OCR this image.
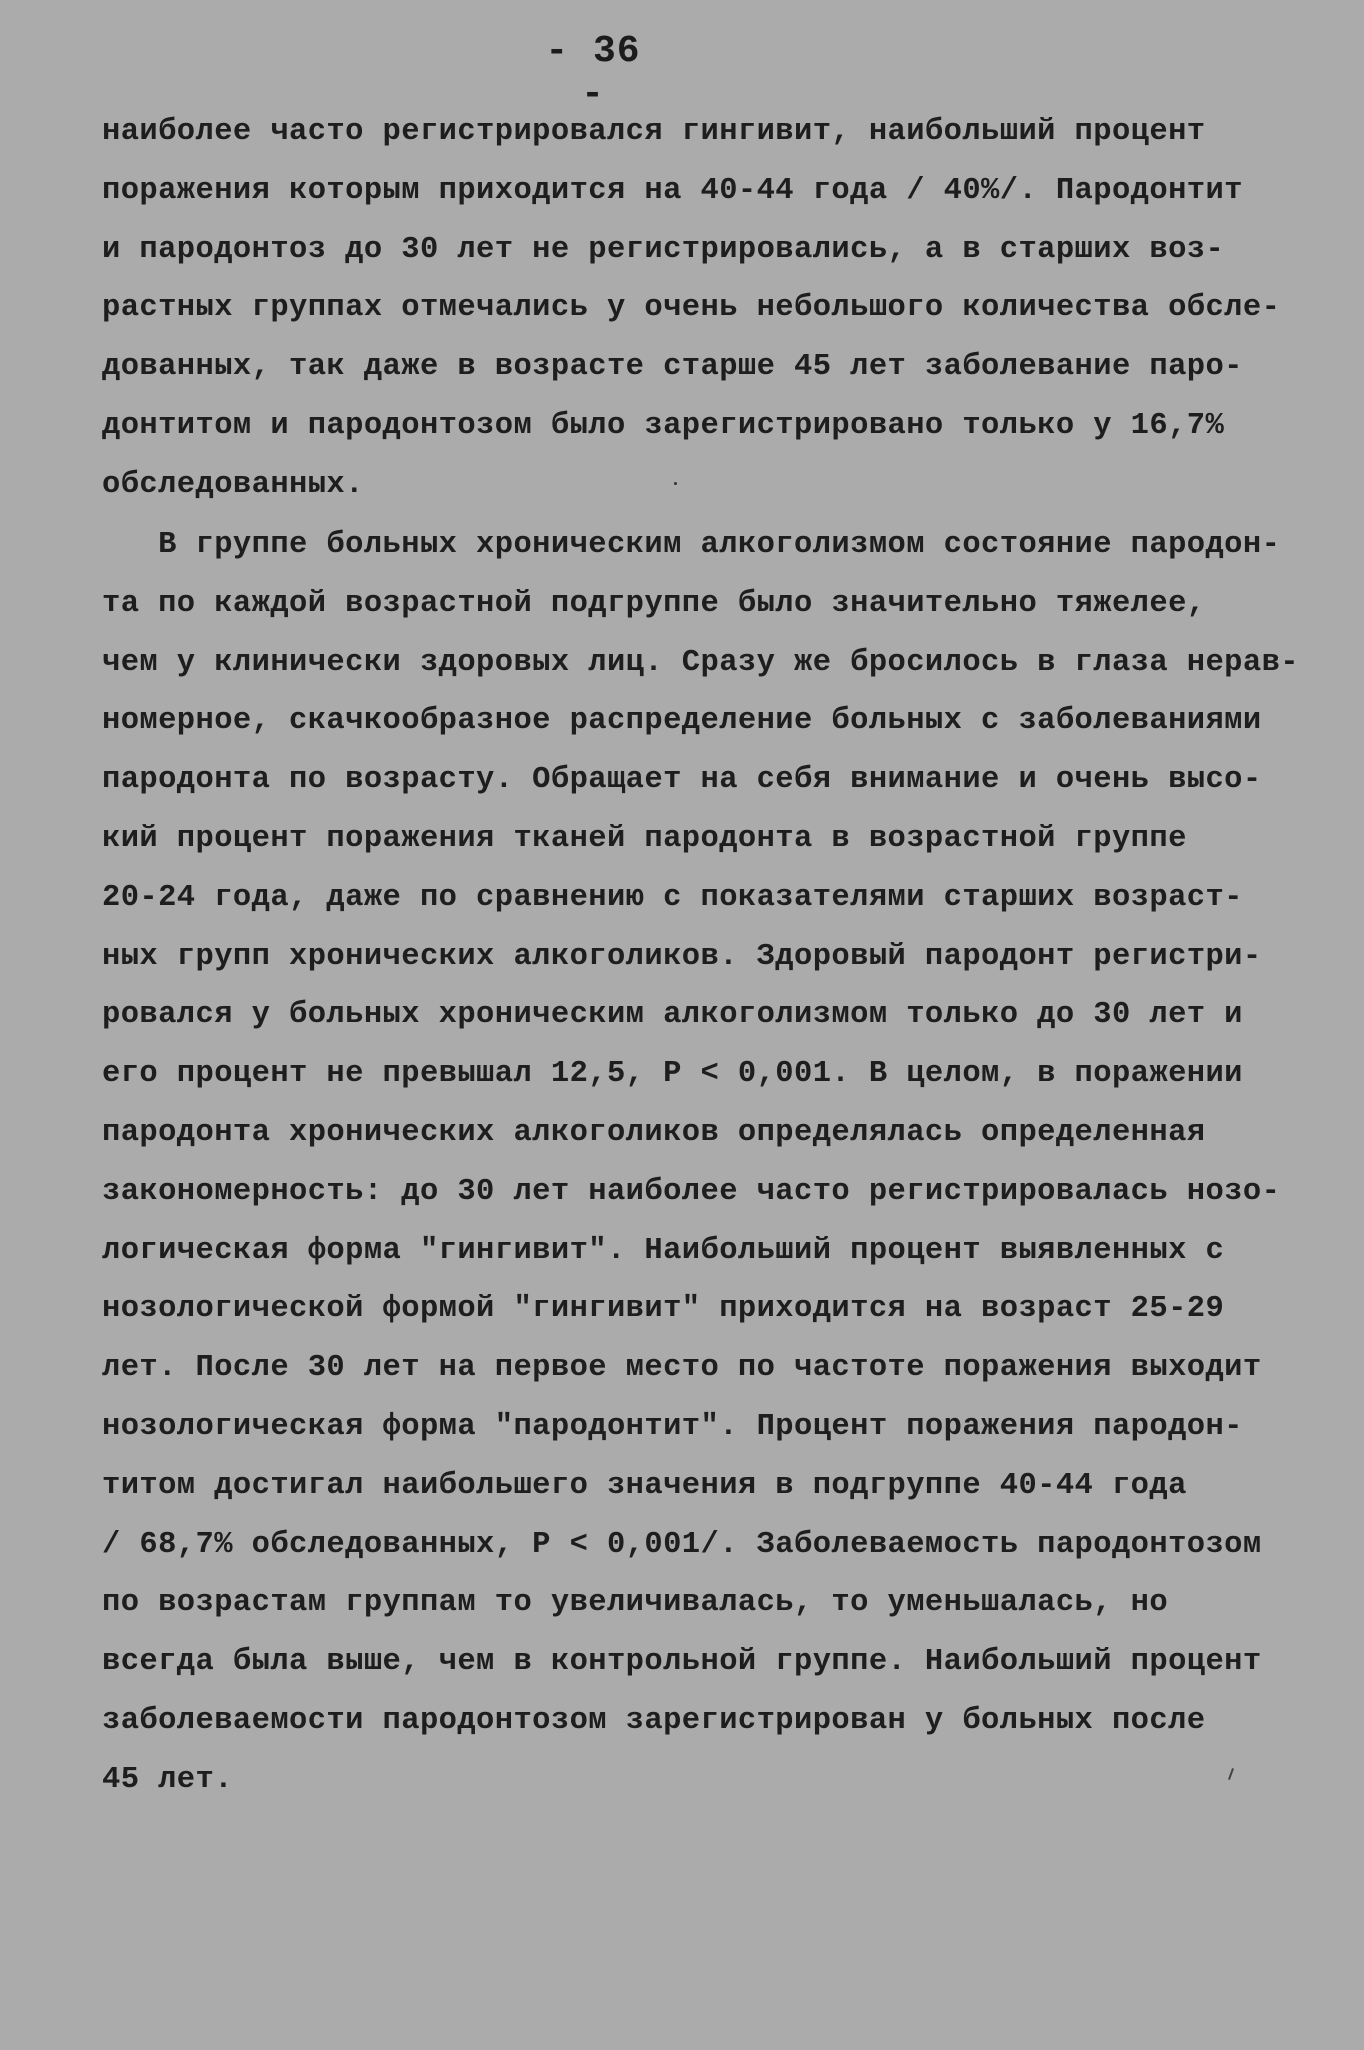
- 36 -
наиболее часто регистрировался гингивит, наибольший процент
поражения которым приходится на 40-44 года / 40%/. Пародонтит
и пародонтоз до 30 лет не регистрировались, а в старших воз-
растных группах отмечались у очень небольшого количества обсле-
дованных, так даже в возрасте старше 45 лет заболевание паро-
донтитом и пародонтозом было зарегистрировано только у 16,7%
обследованных.
В группе больных хроническим алкоголизмом состояние пародон-
та по каждой возрастной подгруппе было значительно тяжелее,
чем у клинически здоровых лиц. Сразу же бросилось в глаза нерав-
номерное, скачкообразное распределение больных с заболеваниями
пародонта по возрасту. Обращает на себя внимание и очень высо-
кий процент поражения тканей пародонта в возрастной группе
20-24 года, даже по сравнению с показателями старших возраст-
ных групп хронических алкоголиков. Здоровый пародонт регистри-
ровался у больных хроническим алкоголизмом только до 30 лет и
его процент не превышал 12,5, Р < 0,001. В целом, в поражении
пародонта хронических алкоголиков определялась определенная
закономерность: до 30 лет наиболее часто регистрировалась нозо-
логическая форма "гингивит". Наибольший процент выявленных с
нозологической формой "гингивит" приходится на возраст 25-29
лет. После 30 лет на первое место по частоте поражения выходит
нозологическая форма "пародонтит". Процент поражения пародон-
титом достигал наибольшего значения в подгруппе 40-44 года
/ 68,7% обследованных, Р < 0,001/. Заболеваемость пародонтозом
по возрастам группам то увеличивалась, то уменьшалась, но
всегда была выше, чем в контрольной группе. Наибольший процент
заболеваемости пародонтозом зарегистрирован у больных после
45 лет.
